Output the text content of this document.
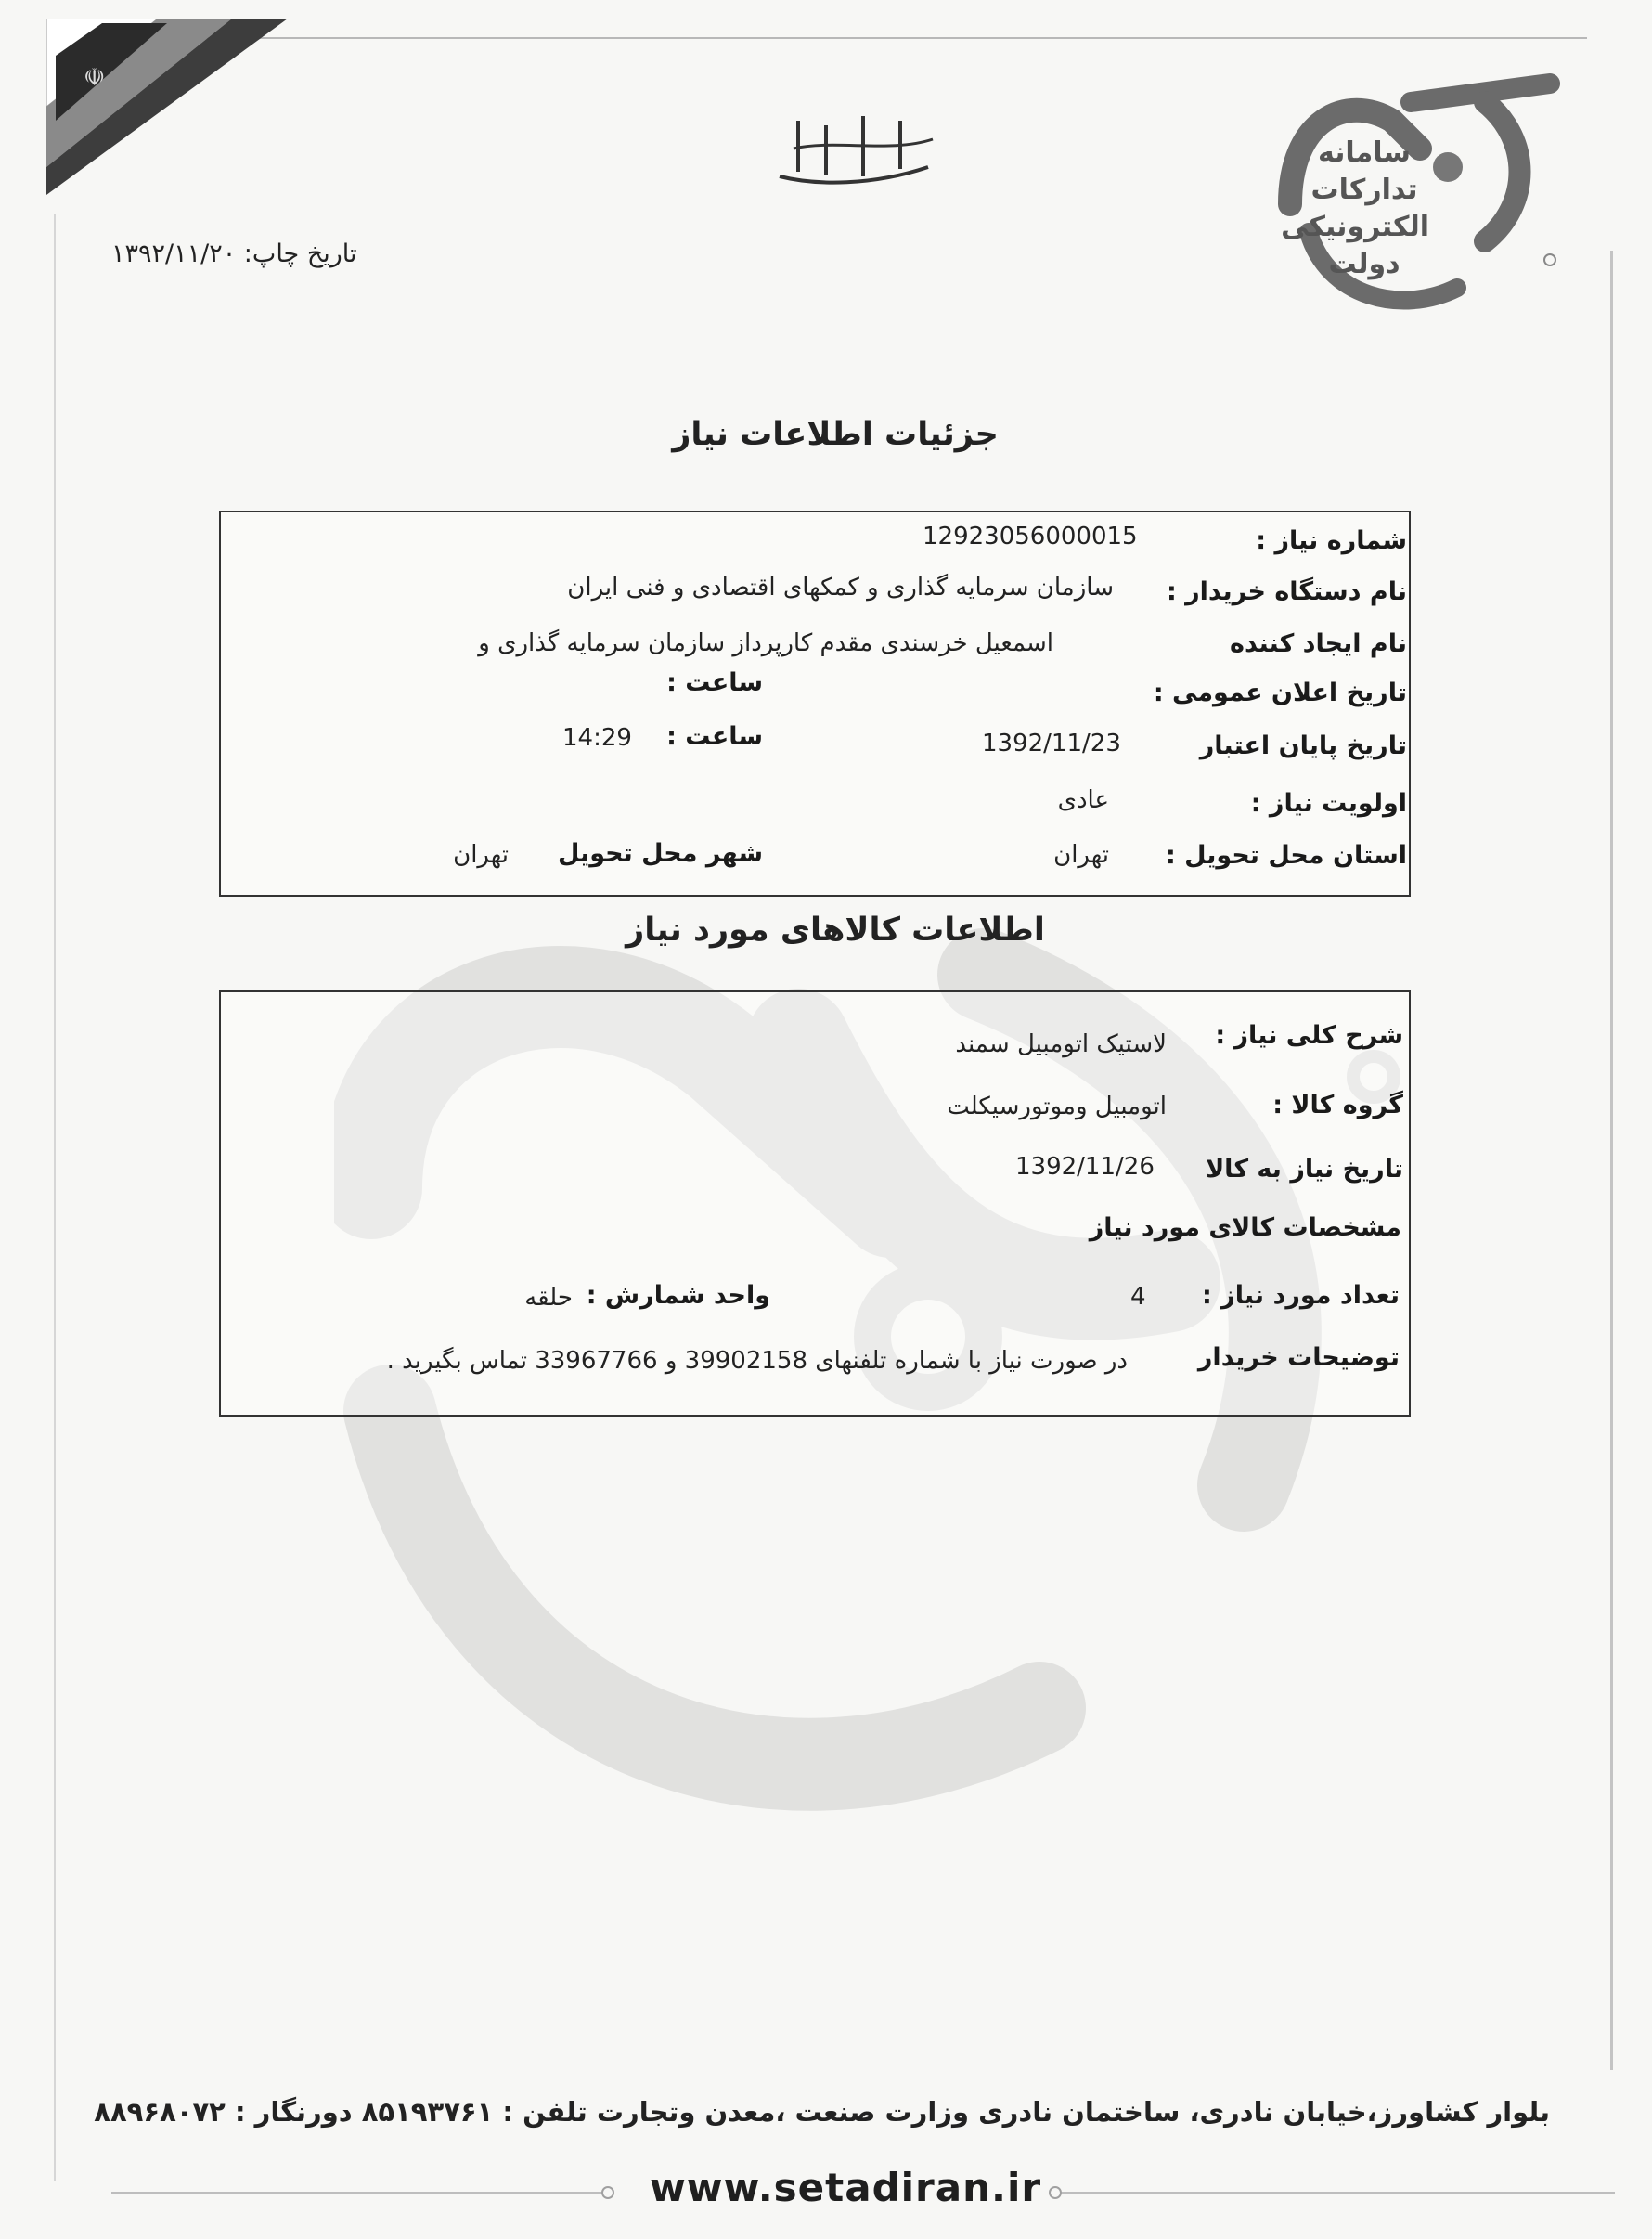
☫
سامانه تدارکات الکترونیکی دولت
تاریخ چاپ: ۱۳۹۲/۱۱/۲۰
جزئیات اطلاعات نیاز
شماره نیاز :
12923056000015
نام دستگاه خریدار :
سازمان سرمایه گذاری و کمکهای اقتصادی و فنی ایران
نام ایجاد کننده
اسمعیل خرسندی مقدم کارپرداز سازمان سرمایه گذاری و
تاریخ اعلان عمومی :
ساعت :
تاریخ پایان اعتبار
1392/11/23
ساعت :
14:29
اولویت نیاز :
عادی
استان محل تحویل :
تهران
شهر محل تحویل
تهران
اطلاعات کالاهای مورد نیاز
شرح کلی نیاز :
لاستیک اتومبیل سمند
گروه کالا :
اتومبیل وموتورسیکلت
تاریخ نیاز به کالا
1392/11/26
مشخصات کالای مورد نیاز
تعداد مورد نیاز :
4
واحد شمارش :
حلقه
توضیحات خریدار
در صورت نیاز با شماره تلفنهای 39902158 و 33967766 تماس بگیرید .
بلوار کشاورز،خیابان نادری، ساختمان نادری وزارت صنعت ،معدن وتجارت تلفن : ۸۵۱۹۳۷۶۱ دورنگار : ۸۸۹۶۸۰۷۲
www.setadiran.ir
